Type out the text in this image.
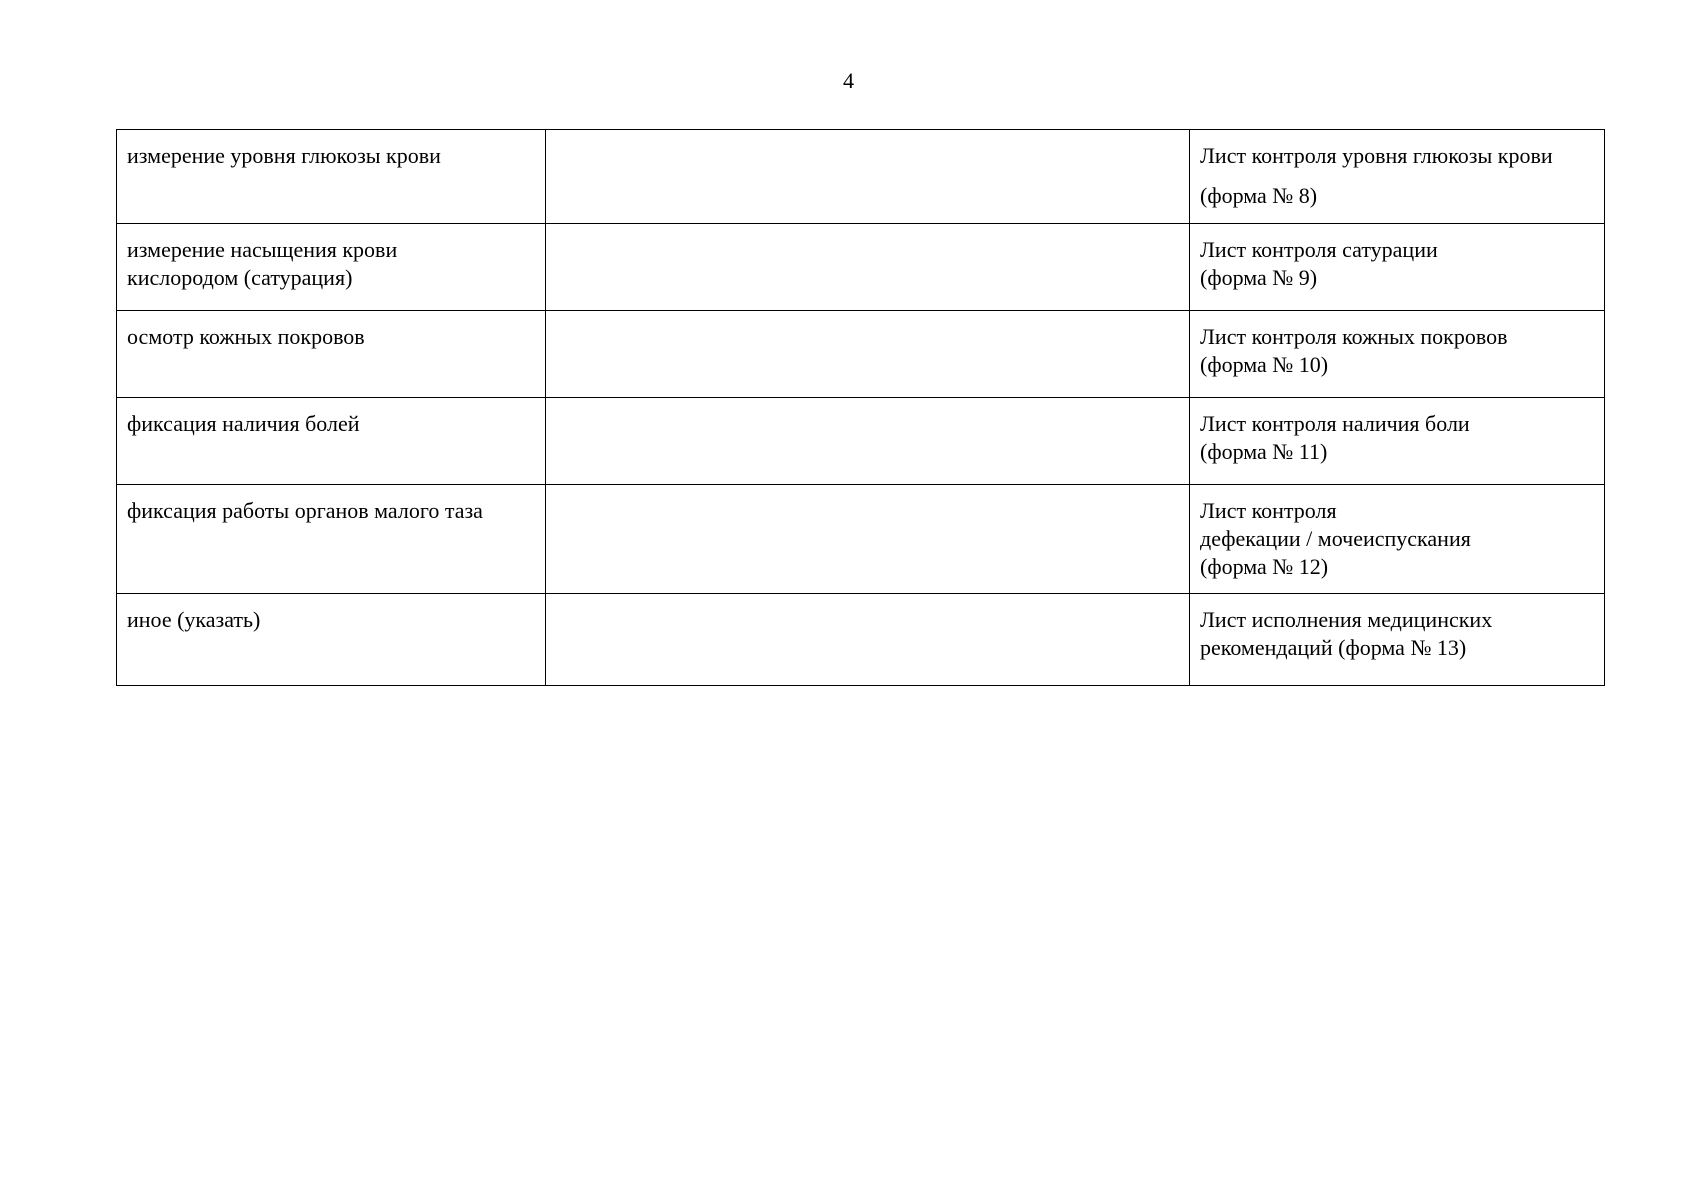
4
измерение уровня глюкозы крови		Лист контроля уровня глюкозы крови
(форма № 8)

измерение насыщения крови
кислородом (сатурация)		Лист контроля сатурации
(форма № 9)

осмотр кожных покровов		Лист контроля кожных покровов
(форма № 10)

фиксация наличия болей		Лист контроля наличия боли
(форма № 11)

фиксация работы органов малого таза		Лист контроля
дефекации / мочеиспускания
(форма № 12)

иное (указать)		Лист исполнения медицинских
рекомендаций (форма № 13)
